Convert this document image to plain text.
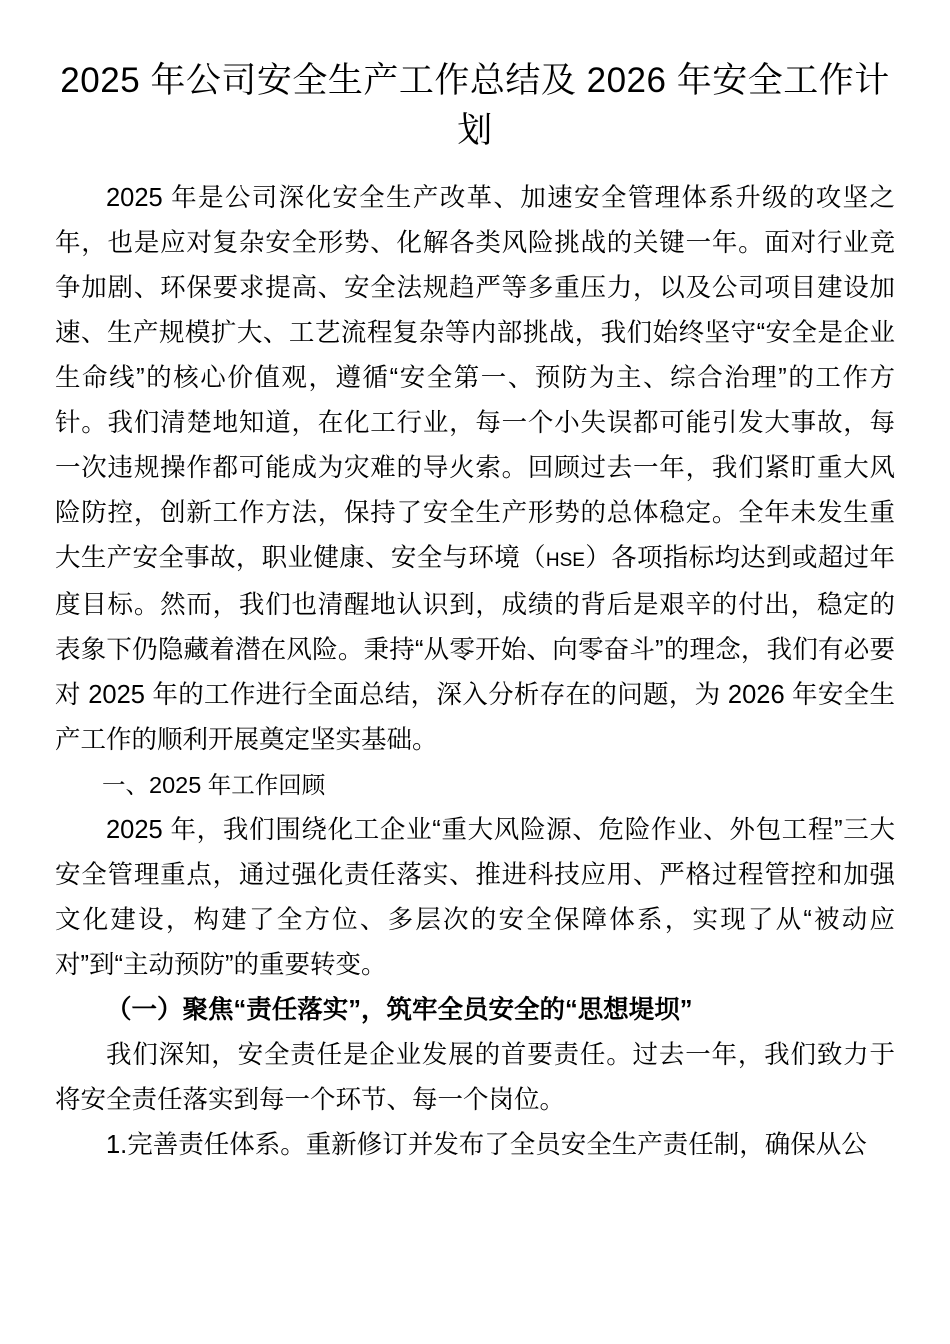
2025 年公司安全生产工作总结及 2026 年安全工作计划

2025 年是公司深化安全生产改革、加速安全管理体系升级的攻坚之年，也是应对复杂安全形势、化解各类风险挑战的关键一年。面对行业竞争加剧、环保要求提高、安全法规趋严等多重压力，以及公司项目建设加速、生产规模扩大、工艺流程复杂等内部挑战，我们始终坚守“安全是企业生命线”的核心价值观，遵循“安全第一、预防为主、综合治理”的工作方针。我们清楚地知道，在化工行业，每一个小失误都可能引发大事故，每一次违规操作都可能成为灾难的导火索。回顾过去一年，我们紧盯重大风险防控，创新工作方法，保持了安全生产形势的总体稳定。全年未发生重大生产安全事故，职业健康、安全与环境（HSE）各项指标均达到或超过年度目标。然而，我们也清醒地认识到，成绩的背后是艰辛的付出，稳定的表象下仍隐藏着潜在风险。秉持“从零开始、向零奋斗”的理念，我们有必要对 2025 年的工作进行全面总结，深入分析存在的问题，为 2026 年安全生产工作的顺利开展奠定坚实基础。

一、2025 年工作回顾

2025 年，我们围绕化工企业“重大风险源、危险作业、外包工程”三大安全管理重点，通过强化责任落实、推进科技应用、严格过程管控和加强文化建设，构建了全方位、多层次的安全保障体系，实现了从“被动应对”到“主动预防”的重要转变。

（一）聚焦“责任落实”，筑牢全员安全的“思想堤坝”

我们深知，安全责任是企业发展的首要责任。过去一年，我们致力于将安全责任落实到每一个环节、每一个岗位。

1.完善责任体系。重新修订并发布了全员安全生产责任制，确保从公
